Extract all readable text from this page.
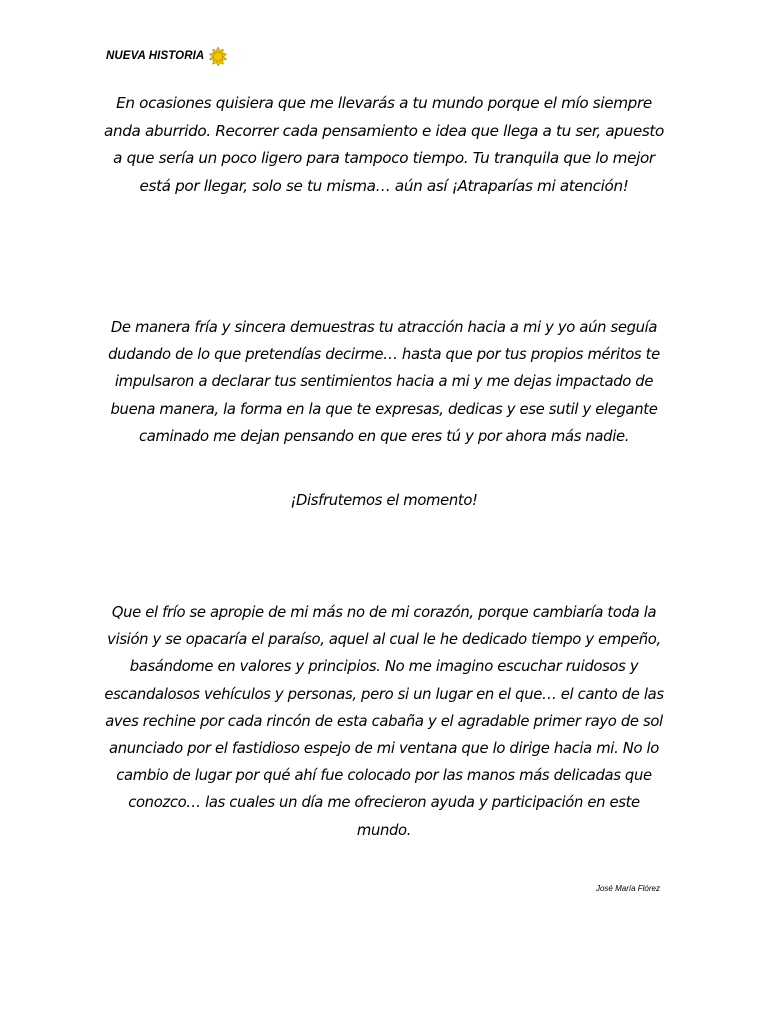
NUEVA HISTORIA

En ocasiones quisiera que me llevarás a tu mundo porque el mío siempre anda aburrido. Recorrer cada pensamiento e idea que llega a tu ser, apuesto a que sería un poco ligero para tampoco tiempo. Tu tranquila que lo mejor está por llegar, solo se tu misma… aún así ¡Atraparías mi atención!

De manera fría y sincera demuestras tu atracción hacia a mi y yo aún seguía dudando de lo que pretendías decirme… hasta que por tus propios méritos te impulsaron a declarar tus sentimientos hacia a mi y me dejas impactado de buena manera, la forma en la que te expresas, dedicas y ese sutil y elegante caminado me dejan pensando en que eres tú y por ahora más nadie.

¡Disfrutemos el momento!

Que el frío se apropie de mi más no de mi corazón, porque cambiaría toda la visión y se opacaría el paraíso, aquel al cual le he dedicado tiempo y empeño, basándome en valores y principios. No me imagino escuchar ruidosos y escandalosos vehículos y personas, pero si un lugar en el que… el canto de las aves rechine por cada rincón de esta cabaña y el agradable primer rayo de sol anunciado por el fastidioso espejo de mi ventana que lo dirige hacia mi. No lo cambio de lugar por qué ahí fue colocado por las manos más delicadas que conozco… las cuales un día me ofrecieron ayuda y participación en este mundo.

José María Flórez
